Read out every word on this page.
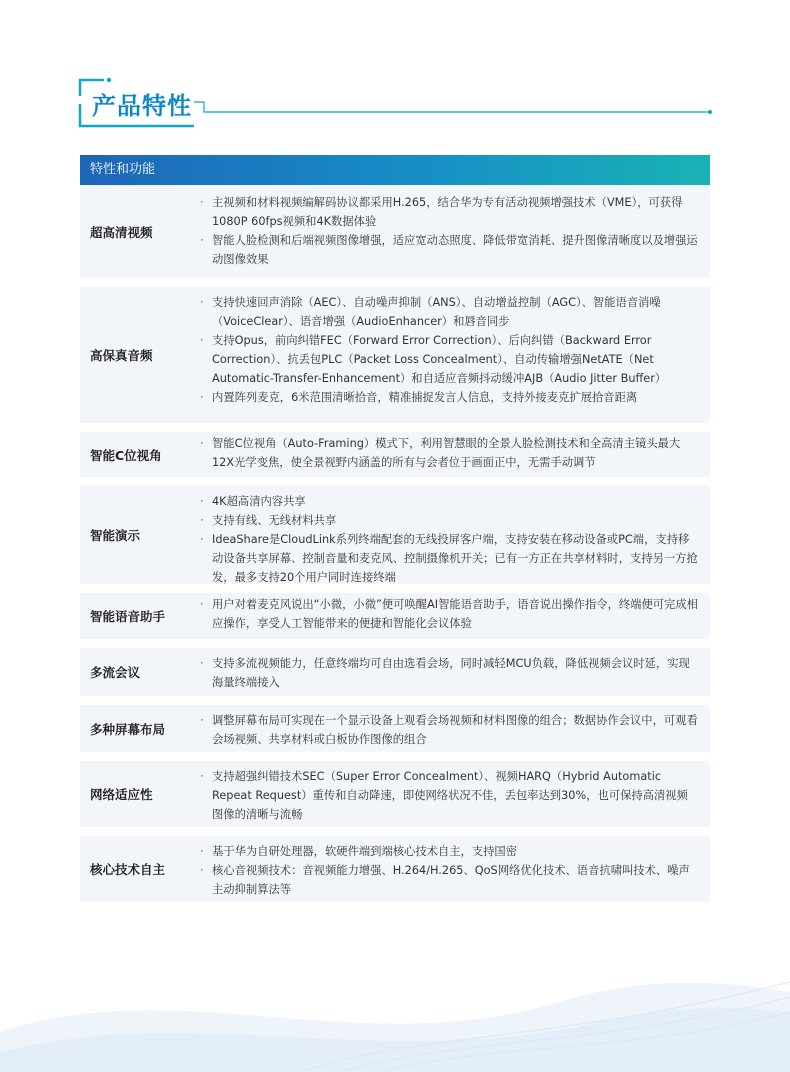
产品特性
特性和功能
超高清视频
· 主视频和材料视频编解码协议都采用H.265，结合华为专有活动视频增强技术（VME），可获得1080P 60fps视频和4K数据体验
· 智能人脸检测和后端视频图像增强，适应宽动态照度、降低带宽消耗、提升图像清晰度以及增强运动图像效果
高保真音频
· 支持快速回声消除（AEC）、自动噪声抑制（ANS）、自动增益控制（AGC）、智能语音消噪（VoiceClear）、语音增强（AudioEnhancer）和唇音同步
· 支持Opus，前向纠错FEC（Forward Error Correction）、后向纠错（Backward Error Correction）、抗丢包PLC（Packet Loss Concealment）、自动传输增强NetATE（Net Automatic-Transfer-Enhancement）和自适应音频抖动缓冲AJB（Audio Jitter Buffer）
· 内置阵列麦克，6米范围清晰拾音，精准捕捉发言人信息，支持外接麦克扩展拾音距离
智能C位视角
· 智能C位视角（Auto-Framing）模式下，利用智慧眼的全景人脸检测技术和全高清主镜头最大12X光学变焦，使全景视野内涵盖的所有与会者位于画面正中，无需手动调节
智能演示
· 4K超高清内容共享
· 支持有线、无线材料共享
· IdeaShare是CloudLink系列终端配套的无线投屏客户端，支持安装在移动设备或PC端，支持移动设备共享屏幕、控制音量和麦克风、控制摄像机开关；已有一方正在共享材料时，支持另一方抢发，最多支持20个用户同时连接终端
智能语音助手
· 用户对着麦克风说出“小微，小微”便可唤醒AI智能语音助手，语音说出操作指令，终端便可完成相应操作，享受人工智能带来的便捷和智能化会议体验
多流会议
· 支持多流视频能力，任意终端均可自由选看会场，同时减轻MCU负载，降低视频会议时延，实现海量终端接入
多种屏幕布局
· 调整屏幕布局可实现在一个显示设备上观看会场视频和材料图像的组合；数据协作会议中，可观看会场视频、共享材料或白板协作图像的组合
网络适应性
· 支持超强纠错技术SEC（Super Error Concealment）、视频HARQ（Hybrid Automatic Repeat Request）重传和自动降速，即使网络状况不佳，丢包率达到30%，也可保持高清视频图像的清晰与流畅
核心技术自主
· 基于华为自研处理器，软硬件端到端核心技术自主，支持国密
· 核心音视频技术：音视频能力增强、H.264/H.265、QoS网络优化技术、语音抗啸叫技术、噪声主动抑制算法等
